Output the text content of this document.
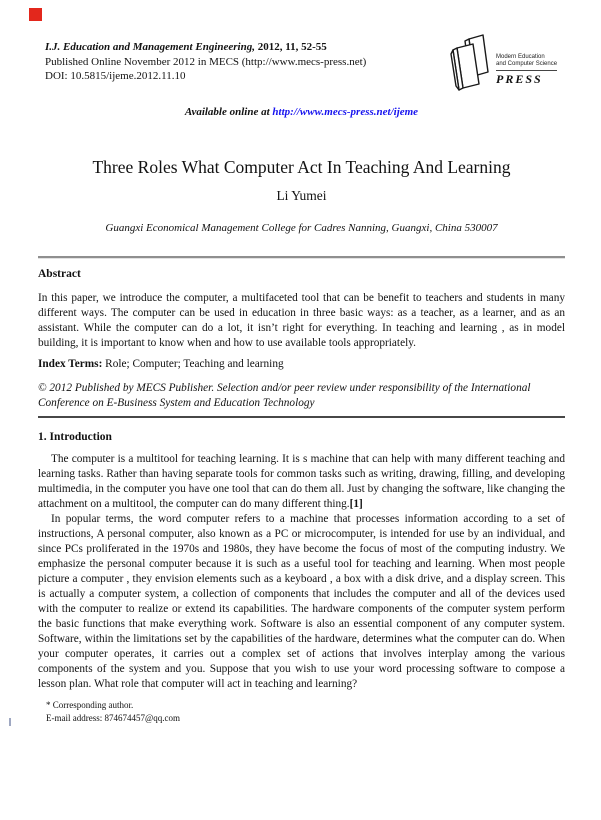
I.J. Education and Management Engineering, 2012, 11, 52-55
Published Online November 2012 in MECS (http://www.mecs-press.net)
DOI: 10.5815/ijeme.2012.11.10
Modern Education
and Computer Science
PRESS
Available online at http://www.mecs-press.net/ijeme
Three Roles What Computer Act In Teaching And Learning
Li Yumei
Guangxi Economical Management College for Cadres Nanning, Guangxi, China 530007
Abstract
In this paper, we introduce the computer, a multifaceted tool that can be benefit to teachers and students in many different ways. The computer can be used in education in three basic ways: as a teacher, as a learner, and as an assistant. While the computer can do a lot, it isn’t right for everything. In teaching and learning , as in model building, it is important to know when and how to use available tools appropriately.
Index Terms: Role; Computer; Teaching and learning
© 2012 Published by MECS Publisher. Selection and/or peer review under responsibility of the International Conference on E-Business System and Education Technology
1. Introduction

The computer is a multitool for teaching learning. It is s machine that can help with many different teaching and learning tasks. Rather than having separate tools for common tasks such as writing, drawing, filling, and developing multimedia, in the computer you have one tool that can do them all. Just by changing the software, like changing the attachment on a multitool, the computer can do many different thing.[1]

In popular terms, the word computer refers to a machine that processes information according to a set of instructions, A personal computer, also known as a PC or microcomputer, is intended for use by an individual, and since PCs proliferated in the 1970s and 1980s, they have become the focus of most of the computing industry. We emphasize the personal computer because it is such as a useful tool for teaching and learning. When most people picture a computer , they envision elements such as a keyboard , a box with a disk drive, and a display screen. This is actually a computer system, a collection of components that includes the computer and all of the devices used with the computer to realize or extend its capabilities. The hardware components of the computer system perform the basic functions that make everything work. Software is also an essential component of any computer system. Software, within the limitations set by the capabilities of the hardware, determines what the computer can do. When your computer operates, it carries out a complex set of actions that involves interplay among the various components of the system and you. Suppose that you wish to use your word processing software to compose a lesson plan. What role that computer will act in teaching and learning?

* Corresponding author.
E-mail address: 874674457@qq.com
